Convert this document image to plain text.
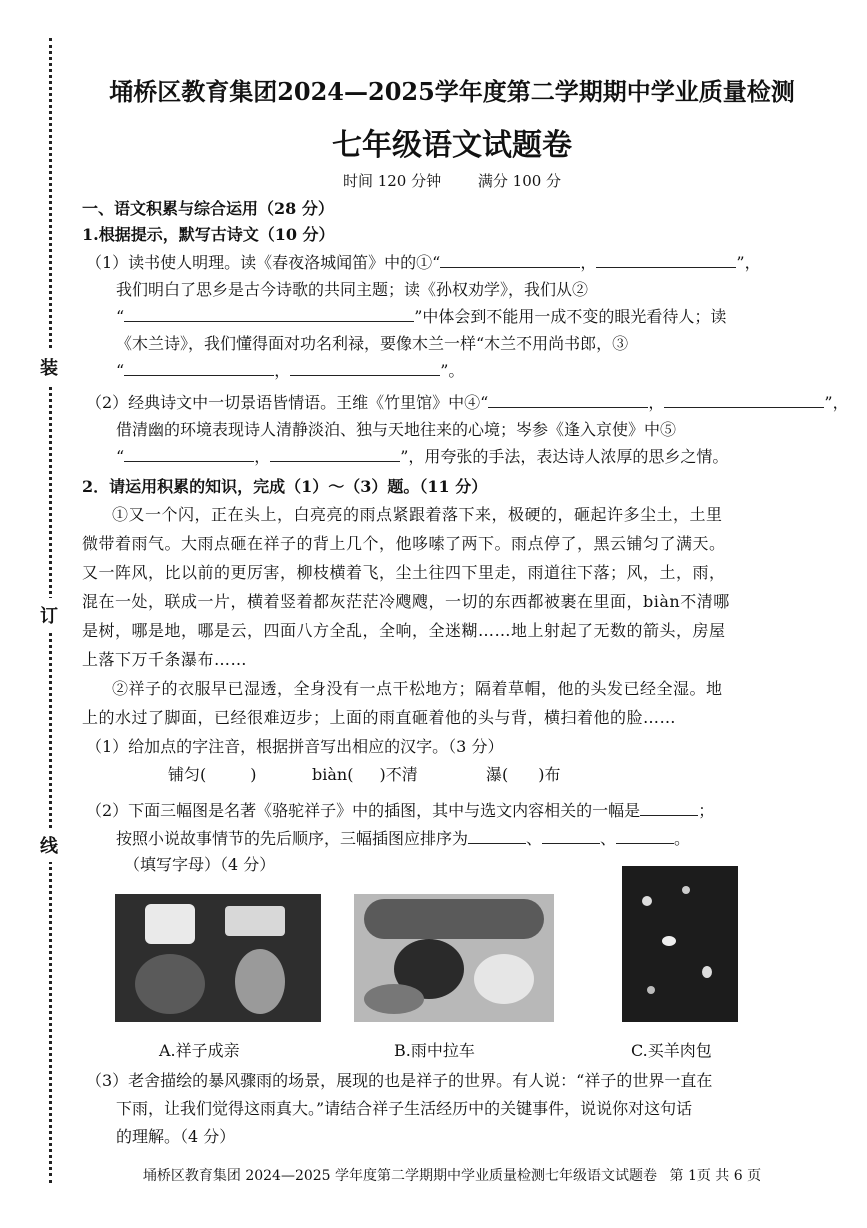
装
订
线
埇桥区教育集团2024—2025学年度第二学期期中学业质量检测
七年级语文试题卷
时间 120 分钟 满分 100 分
一、语文积累与综合运用（28 分）
1.根据提示，默写古诗文（10 分）
（1）读书使人明理。读《春夜洛城闻笛》中的①“	，	”，
我们明白了思乡是古今诗歌的共同主题；读《孙权劝学》，我们从②
“	”中体会到不能用一成不变的眼光看待人；读
《木兰诗》，我们懂得面对功名利禄，要像木兰一样“木兰不用尚书郎，③
“	，	”。
（2）经典诗文中一切景语皆情语。王维《竹里馆》中④“	，	”，
借清幽的环境表现诗人清静淡泊、独与天地往来的心境；岑参《逢入京使》中⑤
“	，	”，用夸张的手法，表达诗人浓厚的思乡之情。
2．请运用积累的知识，完成（1）～（3）题。（11 分）
①又一个闪，正在头上，白亮亮的雨点紧跟着落下来，极硬的，砸起许多尘土，土里
微带着雨气。大雨点砸在祥子的背上几个，他哆嗦了两下。雨点停了，黑云铺匀了满天。
又一阵风，比以前的更厉害，柳枝横着飞，尘土往四下里走，雨道往下落；风，土，雨，
混在一处，联成一片，横着竖着都灰茫茫冷飕飕，一切的东西都被裹在里面，biàn不清哪
是树，哪是地，哪是云，四面八方全乱，全响，全迷糊……地上射起了无数的箭头，房屋
上落下万千条瀑布……
②祥子的衣服早已湿透，全身没有一点干松地方；隔着草帽，他的头发已经全湿。地
上的水过了脚面，已经很难迈步；上面的雨直砸着他的头与背，横扫着他的脸……
（1）给加点的字注音，根据拼音写出相应的汉字。（3 分）
铺匀(	)	biàn( )不清	瀑( )布
（2）下面三幅图是名著《骆驼祥子》中的插图，其中与选文内容相关的一幅是	；
按照小说故事情节的先后顺序，三幅插图应排序为	、	、	。
（填写字母）（4 分）
A.祥子成亲	B.雨中拉车	C.买羊肉包
（3）老舍描绘的暴风骤雨的场景，展现的也是祥子的世界。有人说：“祥子的世界一直在
下雨，让我们觉得这雨真大。”请结合祥子生活经历中的关键事件，说说你对这句话
的理解。（4 分）
埇桥区教育集团 2024—2025 学年度第二学期期中学业质量检测七年级语文试题卷 第 1页 共 6 页
